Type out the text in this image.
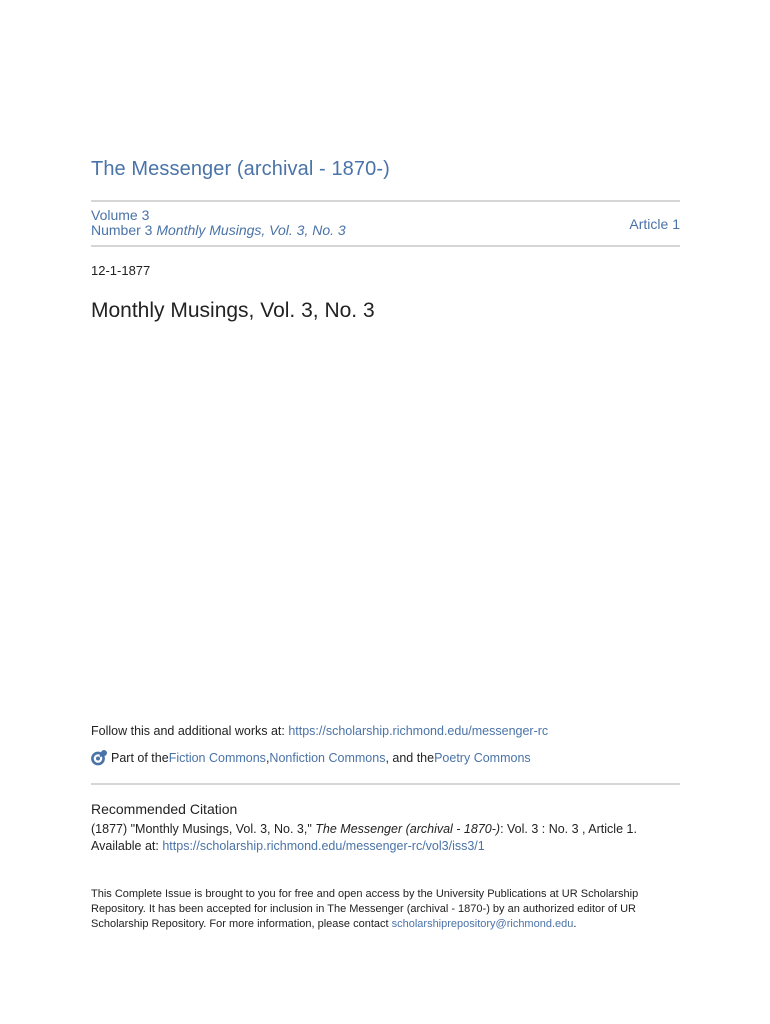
The Messenger (archival - 1870-)
Volume 3
Number 3 Monthly Musings, Vol. 3, No. 3	Article 1
12-1-1877
Monthly Musings, Vol. 3, No. 3
Follow this and additional works at: https://scholarship.richmond.edu/messenger-rc
Part of the Fiction Commons , Nonfiction Commons , and the Poetry Commons
Recommended Citation
(1877) "Monthly Musings, Vol. 3, No. 3," The Messenger (archival - 1870-): Vol. 3 : No. 3 , Article 1.
Available at: https://scholarship.richmond.edu/messenger-rc/vol3/iss3/1
This Complete Issue is brought to you for free and open access by the University Publications at UR Scholarship Repository. It has been accepted for inclusion in The Messenger (archival - 1870-) by an authorized editor of UR Scholarship Repository. For more information, please contact scholarshiprepository@richmond.edu.
